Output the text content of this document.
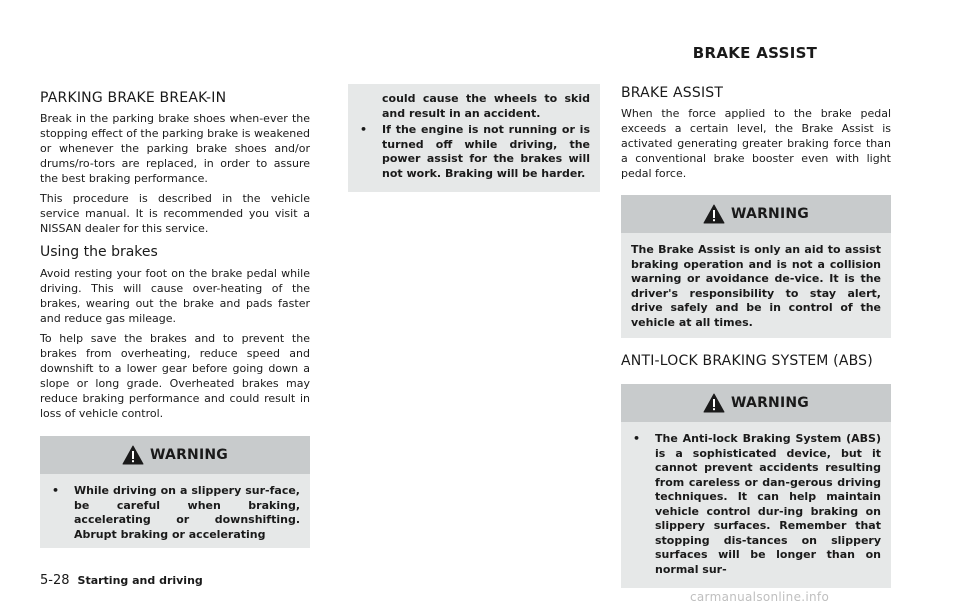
BRAKE ASSIST
PARKING BRAKE BREAK-IN

Break in the parking brake shoes when-ever the stopping effect of the parking brake is weakened or whenever the parking brake shoes and/or drums/ro-tors are replaced, in order to assure the best braking performance.

This procedure is described in the vehicle service manual. It is recommended you visit a NISSAN dealer for this service.

Using the brakes

Avoid resting your foot on the brake pedal while driving. This will cause over-heating of the brakes, wearing out the brake and pads faster and reduce gas mileage.

To help save the brakes and to prevent the brakes from overheating, reduce speed and downshift to a lower gear before going down a slope or long grade. Overheated brakes may reduce braking performance and could result in loss of vehicle control.

WARNING
•	While driving on a slippery sur-face, be careful when braking, accelerating or downshifting. Abrupt braking or accelerating
could cause the wheels to skid and result in an accident.
•	If the engine is not running or is turned off while driving, the power assist for the brakes will not work. Braking will be harder.
BRAKE ASSIST

When the force applied to the brake pedal exceeds a certain level, the Brake Assist is activated generating greater braking force than a conventional brake booster even with light pedal force.

WARNING
The Brake Assist is only an aid to assist braking operation and is not a collision warning or avoidance de-vice. It is the driver's responsibility to stay alert, drive safely and be in control of the vehicle at all times.
ANTI-LOCK BRAKING SYSTEM (ABS)
WARNING
•	The Anti-lock Braking System (ABS) is a sophisticated device, but it cannot prevent accidents resulting from careless or dan-gerous driving techniques. It can help maintain vehicle control dur-ing braking on slippery surfaces. Remember that stopping dis-tances on slippery surfaces will be longer than on normal sur-
5-28 Starting and driving
carmanualsonline.info
